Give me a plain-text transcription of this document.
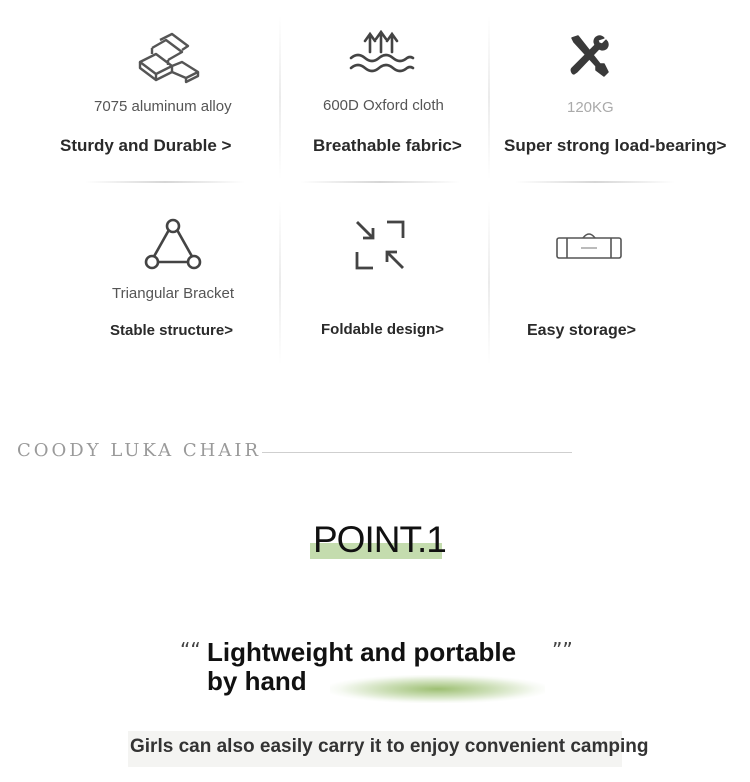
7075 aluminum alloy
Sturdy and Durable >
600D Oxford cloth
Breathable fabric>
120KG
Super strong load-bearing>
Triangular Bracket
Stable structure>	Foldable design>	Easy storage>
COODY LUKA CHAIR
POINT.1
““ Lightweight and portable by hand
””
Girls can also easily carry it to enjoy convenient camping
